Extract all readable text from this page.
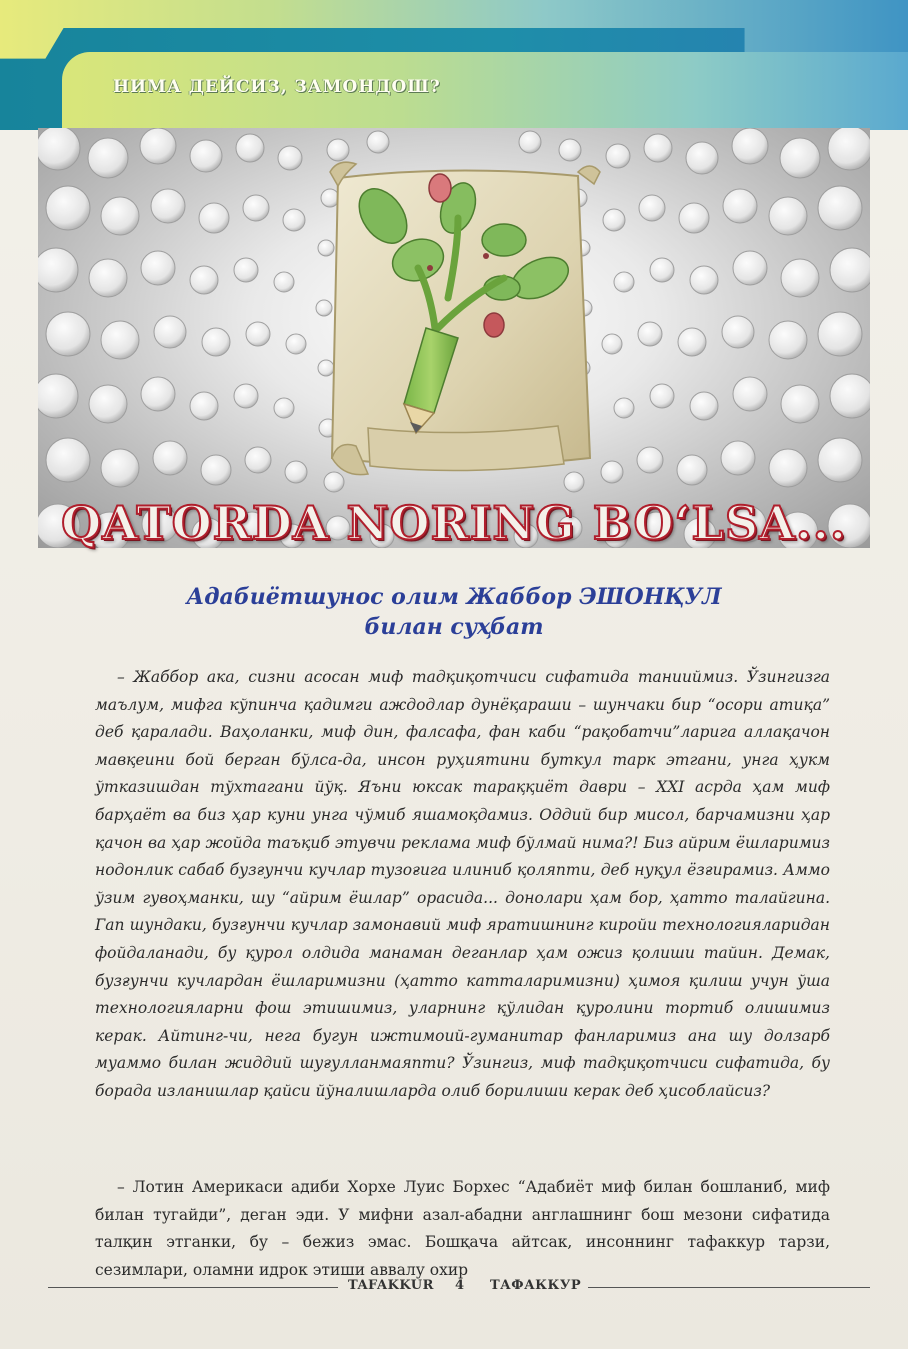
НИМА ДЕЙСИЗ, ЗАМОНДОШ?
QATORDA NORING BO‘LSA...
Адабиётшунос олим Жаббор ЭШОНҚУЛ
билан суҳбат

– Жаббор ака, сизни асосан миф тадқиқотчиси сифатида танииймиз. Ўзингизга маълум, мифга кўпинча қадимги аждодлар дунёқараши – шунчаки бир “осори атиқа” деб қаралади. Ваҳоланки, миф дин, фалсафа, фан каби “рақобатчи”ларига аллақачон мавқеини бой берган бўлса-да, инсон руҳиятини буткул тарк этгани, унга ҳукм ўтказишдан тўхтагани йўқ. Яъни юксак тараққиёт даври – XXI асрда ҳам миф барҳаёт ва биз ҳар куни унга чўмиб яшамоқдамиз. Оддий бир мисол, барчамизни ҳар қачон ва ҳар жойда таъқиб этувчи реклама миф бўлмай нима?! Биз айрим ёшларимиз нодонлик сабаб бузғунчи кучлар тузоғига илиниб қоляпти, деб нуқул ёзғирамиз. Аммо ўзим гувоҳманки, шу “айрим ёшлар” орасида... донолари ҳам бор, ҳатто талайгина. Гап шундаки, бузғунчи кучлар замонавий миф яратишнинг киройи технологияларидан фойдаланади, бу қурол олдида манаман деганлар ҳам ожиз қолиши тайин. Демак, бузғунчи кучлардан ёшларимизни (ҳатто катталаримизни) ҳимоя қилиш учун ўша технологияларни фош этишимиз, уларнинг қўлидан қуролини тортиб олишимиз керак. Айтинг-чи, нега бугун ижтимоий-гуманитар фанларимиз ана шу долзарб муаммо билан жиддий шуғулланмаяпти? Ўзингиз, миф тадқиқотчиси сифатида, бу борада изланишлар қайси йўналишларда олиб борилиши керак деб ҳисоблайсиз?

– Лотин Америкаси адиби Хорхе Луис Борхес “Адабиёт миф билан бошланиб, миф билан тугайди”, деган эди. У мифни азал-абадни англашнинг бош мезони сифатида талқин этганки, бу – бежиз эмас. Бошқача айтсак, инсоннинг тафаккур тарзи, сезимлари, оламни идрок этиши аввалу охир

TAFAKKUR 4 ТАФАККУР
